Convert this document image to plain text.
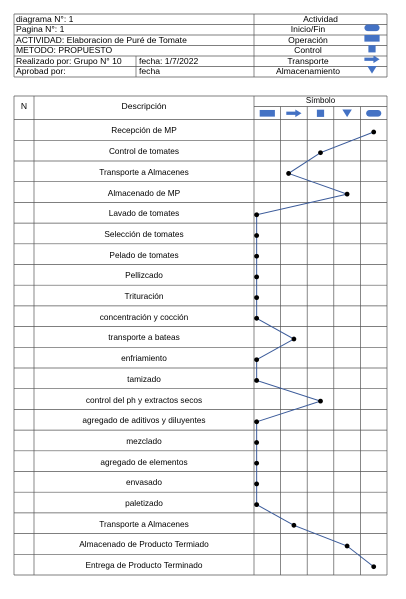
diagrama N°: 1
Pagina N°: 1
ACTIVIDAD: Elaboracion de Puré de Tomate
METODO: PROPUESTO
Realizado por: Grupo N° 10	fecha: 1/7/2022
Aprobad por:	fecha
Actividad
Inicio/Fin
Operación
Control
Transporte
Almacenamiento
N	Descripción
Símbolo
Recepción de MP
Control de tomates
Transporte a Almacenes
Almacenado de MP
Lavado de tomates
Selección de tomates
Pelado de tomates
Pellizcado
Trituración
concentración y cocción
transporte a bateas
enfriamiento
tamizado
control del ph y extractos secos
agregado de aditivos y diluyentes
mezclado
agregado de elementos
envasado
paletizado
Transporte a Almacenes
Almacenado de Producto Termiado
Entrega de Producto Terminado
